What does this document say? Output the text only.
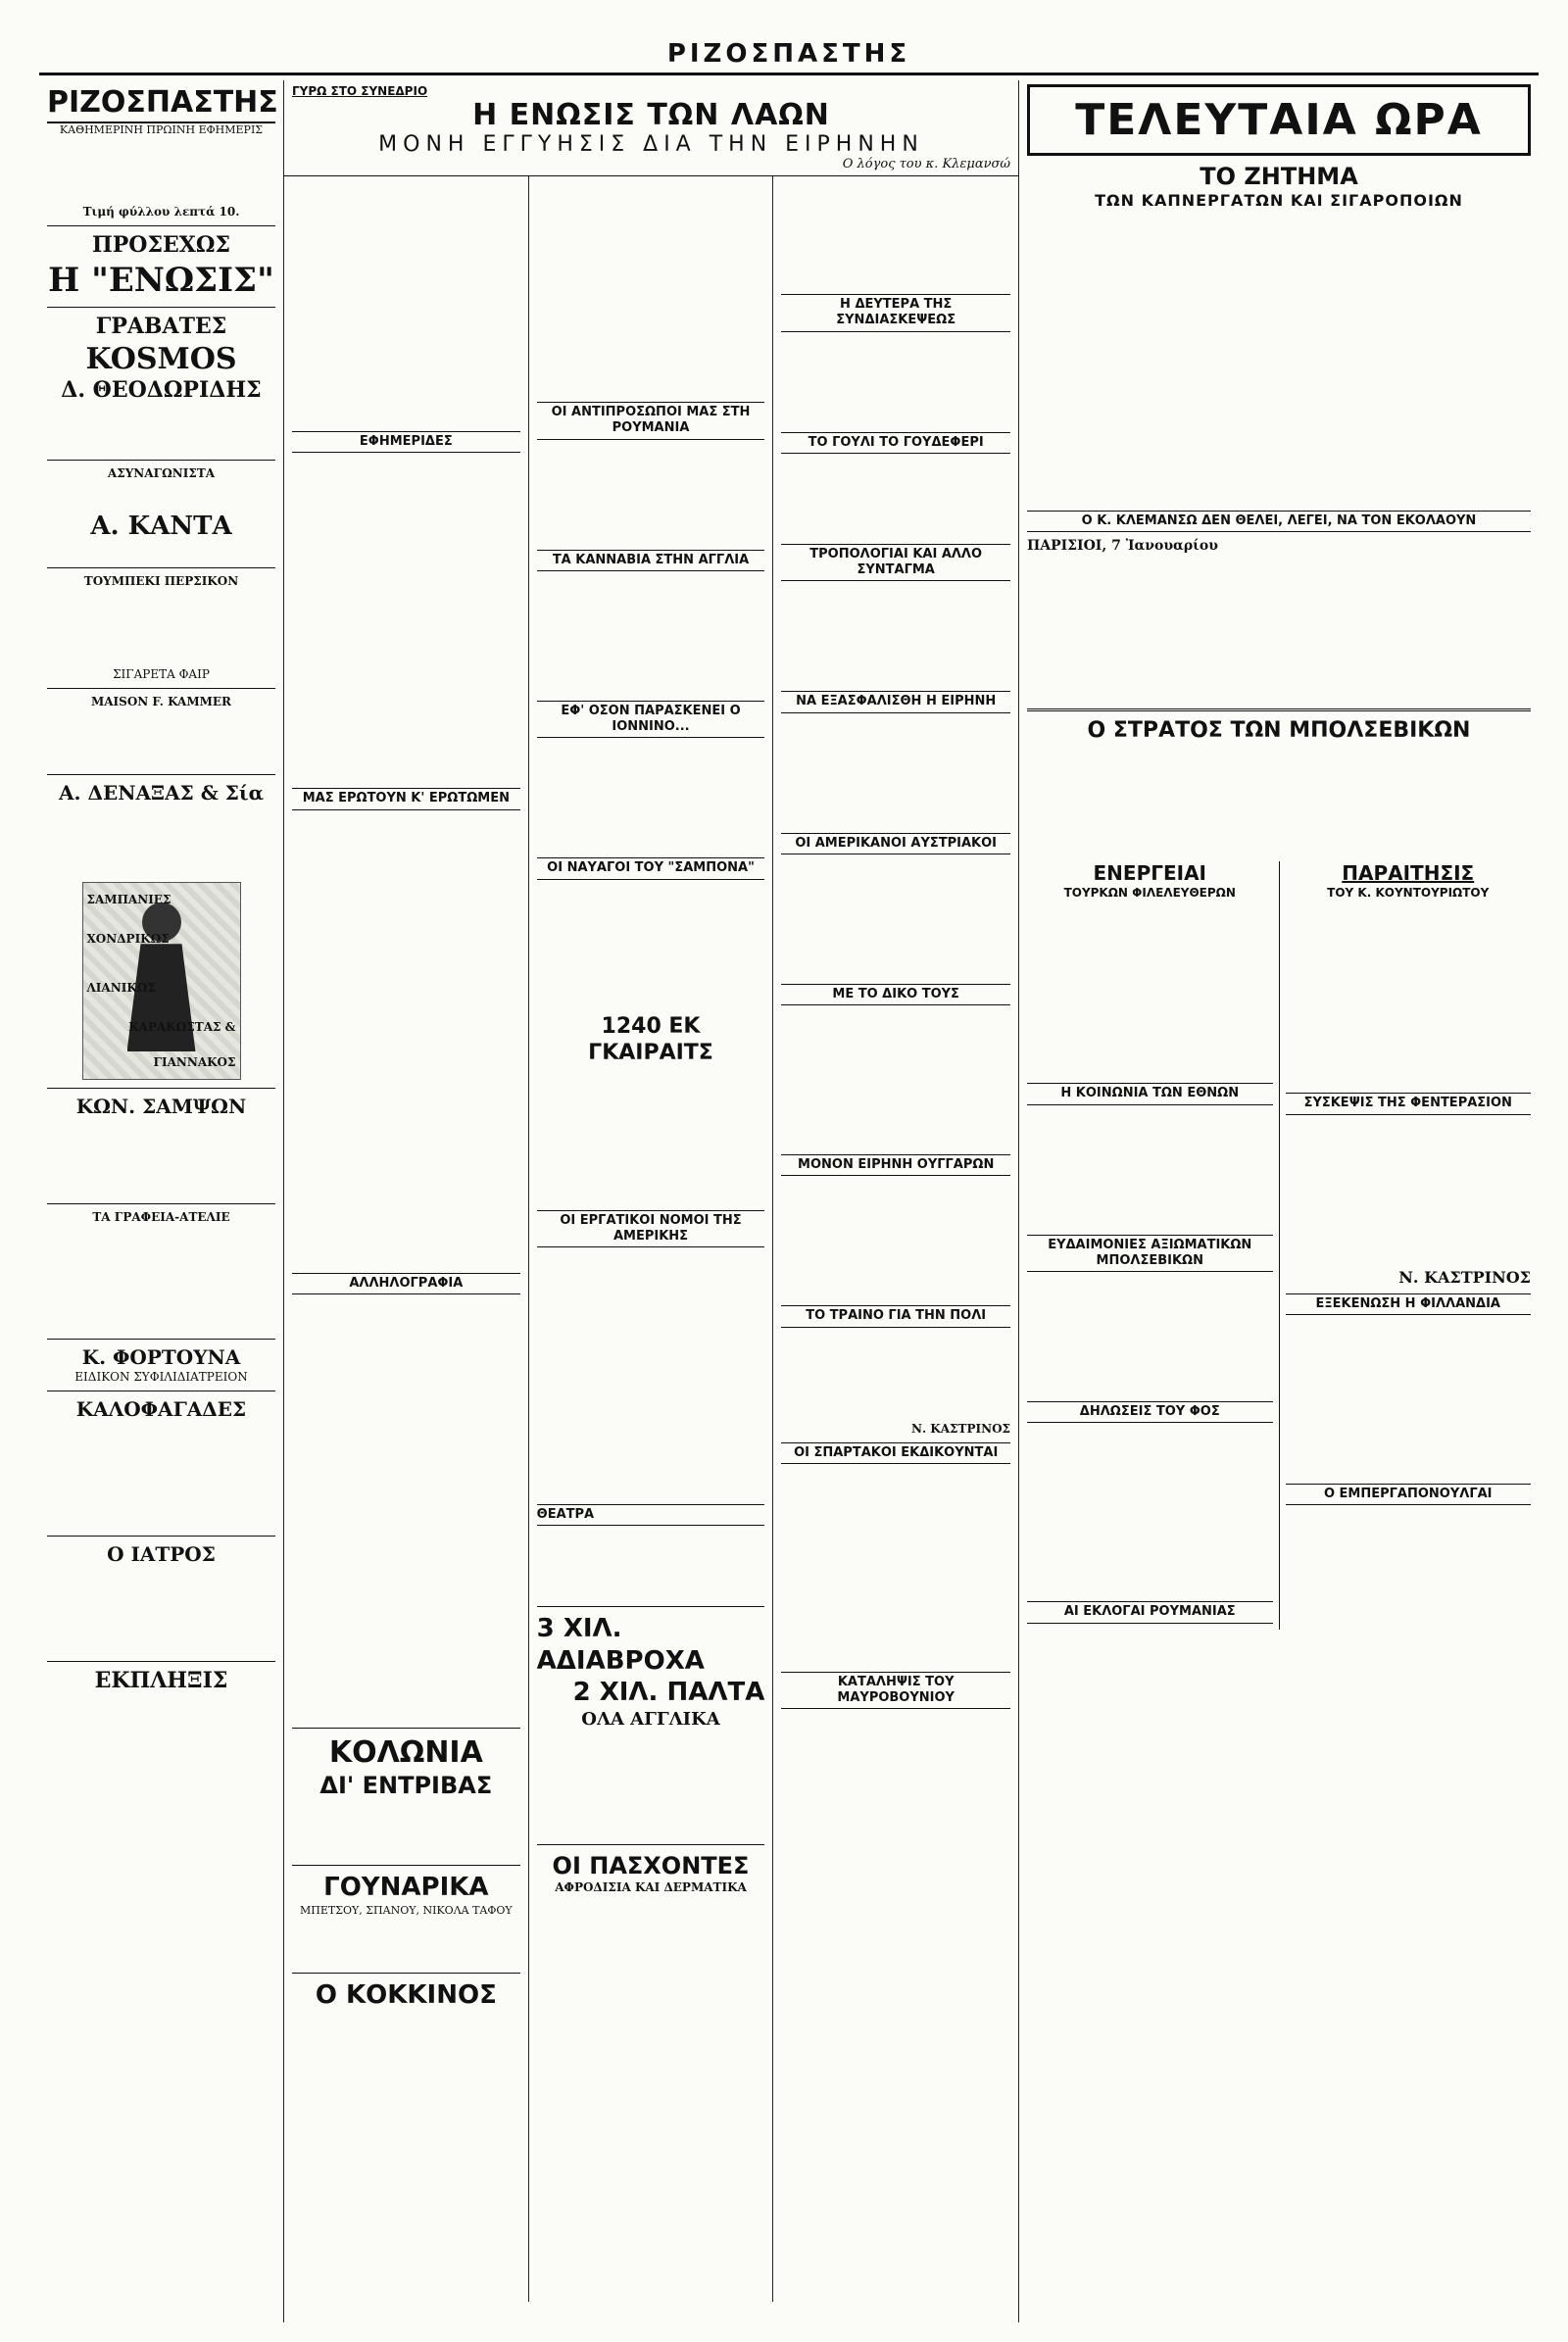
ΡΙΖΟΣΠΑΣΤΗΣ
ΡΙΖΟΣΠΑΣΤΗΣ
ΚΑΘΗΜΕΡΙΝΗ ΠΡΩΙΝΗ ΕΦΗΜΕΡΙΣ
Τιμή φύλλου λεπτά 10.
ΠΡΟΣΕΧΩΣ
Η "ΕΝΩΣΙΣ"
ΓΡΑΒΑΤΕΣ
KOSMOS
Δ. ΘΕΟΔΩΡΙΔΗΣ
ΑΣΥΝΑΓΩΝΙΣΤΑ
Α. ΚΑΝΤΑ
ΤΟΥΜΠΕΚΙ ΠΕΡΣΙΚΟΝ
ΣΙΓΑΡΕΤΑ ΦΑΙΡ
MAISON F. KAMMER
Α. ΔΕΝΑΞΑΣ & Σία
ΣΑΜΠΑΝΙΕΣ
ΧΟΝΔΡΙΚΩΣ
ΛΙΑΝΙΚΩΣ
ΚΑΡΑΚΩΣΤΑΣ &
ΓΙΑΝΝΑΚΟΣ
ΚΩΝ. ΣΑΜΨΩΝ
ΤΑ ΓΡΑΦΕΙΑ-ΑΤΕΛΙΕ
Κ. ΦΟΡΤΟΥΝΑ
ΕΙΔΙΚΟΝ ΣΥΦΙΛΙΔΙΑΤΡΕΙΟΝ
ΚΑΛΟΦΑΓΑΔΕΣ
Ο ΙΑΤΡΟΣ
ΕΚΠΛΗΞΙΣ
ΓΥΡΩ ΣΤΟ ΣΥΝΕΔΡΙΟ
Η ΕΝΩΣΙΣ ΤΩΝ ΛΑΩΝ
ΜΟΝΗ ΕΓΓΥΗΣΙΣ ΔΙΑ ΤΗΝ ΕΙΡΗΝΗΝ
Ο λόγος του κ. Κλεμανσώ
ΕΦΗΜΕΡΙΔΕΣ
ΜΑΣ ΕΡΩΤΟΥΝ Κ' ΕΡΩΤΩΜΕΝ
ΑΛΛΗΛΟΓΡΑΦΙΑ
ΚΟΛΩΝΙΑ
ΔΙ' ΕΝΤΡΙΒΑΣ
ΓΟΥΝΑΡΙΚΑ
ΜΠΕΤΣΟΥ, ΣΠΑΝΟΥ, ΝΙΚΟΛΑ ΤΑΦΟΥ
Ο ΚΟΚΚΙΝΟΣ
ΟΙ ΑΝΤΙΠΡΟΣΩΠΟΙ ΜΑΣ ΣΤΗ ΡΟΥΜΑΝΙΑ
ΤΑ ΚΑΝΝΑΒΙΑ ΣΤΗΝ ΑΓΓΛΙΑ
ΕΦ' ΟΣΟΝ ΠΑΡΑΣΚΕΝΕΙ Ο ΙΟΝΝΙΝΟ...
ΟΙ ΝΑΥΑΓΟΙ ΤΟΥ "ΣΑΜΠΟΝΑ"
1240 ΕΚ ΓΚΑΙΡΑΙΤΣ
ΟΙ ΕΡΓΑΤΙΚΟΙ ΝΟΜΟΙ ΤΗΣ ΑΜΕΡΙΚΗΣ
ΘΕΑΤΡΑ
3 ΧΙΛ. ΑΔΙΑΒΡΟΧΑ
2 ΧΙΛ. ΠΑΛΤΑ
ΟΛΑ ΑΓΓΛΙΚΑ
ΟΙ ΠΑΣΧΟΝΤΕΣ
ΑΦΡΟΔΙΣΙΑ ΚΑΙ ΔΕΡΜΑΤΙΚΑ
Η ΔΕΥΤΕΡΑ ΤΗΣ ΣΥΝΔΙΑΣΚΕΨΕΩΣ
ΤΟ ΓΟΥΛΙ ΤΟ ΓΟΥΔΕΦΕΡΙ
ΤΡΟΠΟΛΟΓΙΑΙ ΚΑΙ ΑΛΛΟ ΣΥΝΤΑΓΜΑ
ΝΑ ΕΞΑΣΦΑΛΙΣΘΗ Η ΕΙΡΗΝΗ
ΟΙ ΑΜΕΡΙΚΑΝΟΙ ΑΥΣΤΡΙΑΚΟΙ
ΜΕ ΤΟ ΔΙΚΟ ΤΟΥΣ
ΜΟΝΟΝ ΕΙΡΗΝΗ ΟΥΓΓΑΡΩΝ
ΤΟ ΤΡΑΙΝΟ ΓΙΑ ΤΗΝ ΠΟΛΙ
Ν. ΚΑΣΤΡΙΝΟΣ
ΟΙ ΣΠΑΡΤΑΚΟΙ ΕΚΔΙΚΟΥΝΤΑΙ
ΚΑΤΑΛΗΨΙΣ ΤΟΥ ΜΑΥΡΟΒΟΥΝΙΟΥ
ΤΕΛΕΥΤΑΙΑ ΩΡΑ
ΤΟ ΖΗΤΗΜΑ
ΤΩΝ ΚΑΠΝΕΡΓΑΤΩΝ ΚΑΙ ΣΙΓΑΡΟΠΟΙΩΝ
Ο Κ. ΚΛΕΜΑΝΣΩ ΔΕΝ ΘΕΛΕΙ, ΛΕΓΕΙ, ΝΑ ΤΟΝ ΕΚΟΛΑΟΥΝ
ΠΑΡΙΣΙΟΙ, 7 Ἰανουαρίου
Ο ΣΤΡΑΤΟΣ ΤΩΝ ΜΠΟΛΣΕΒΙΚΩΝ
ΕΝΕΡΓΕΙΑΙ
ΤΟΥΡΚΩΝ ΦΙΛΕΛΕΥΘΕΡΩΝ
Η ΚΟΙΝΩΝΙΑ ΤΩΝ ΕΘΝΩΝ
ΕΥΔΑΙΜΟΝΙΕΣ ΑΞΙΩΜΑΤΙΚΩΝ ΜΠΟΛΣΕΒΙΚΩΝ
ΔΗΛΩΣΕΙΣ ΤΟΥ ΦΟΣ
ΑΙ ΕΚΛΟΓΑΙ ΡΟΥΜΑΝΙΑΣ
ΠΑΡΑΙΤΗΣΙΣ
ΤΟΥ Κ. ΚΟΥΝΤΟΥΡΙΩΤΟΥ
ΣΥΣΚΕΨΙΣ ΤΗΣ ΦΕΝΤΕΡΑΣΙΟΝ
Ν. ΚΑΣΤΡΙΝΟΣ
ΕΞΕΚΕΝΩΣΗ Η ΦΙΛΛΑΝΔΙΑ
Ο ΕΜΠΕΡΓΑΠΟΝΟΥΛΓΑΙ
